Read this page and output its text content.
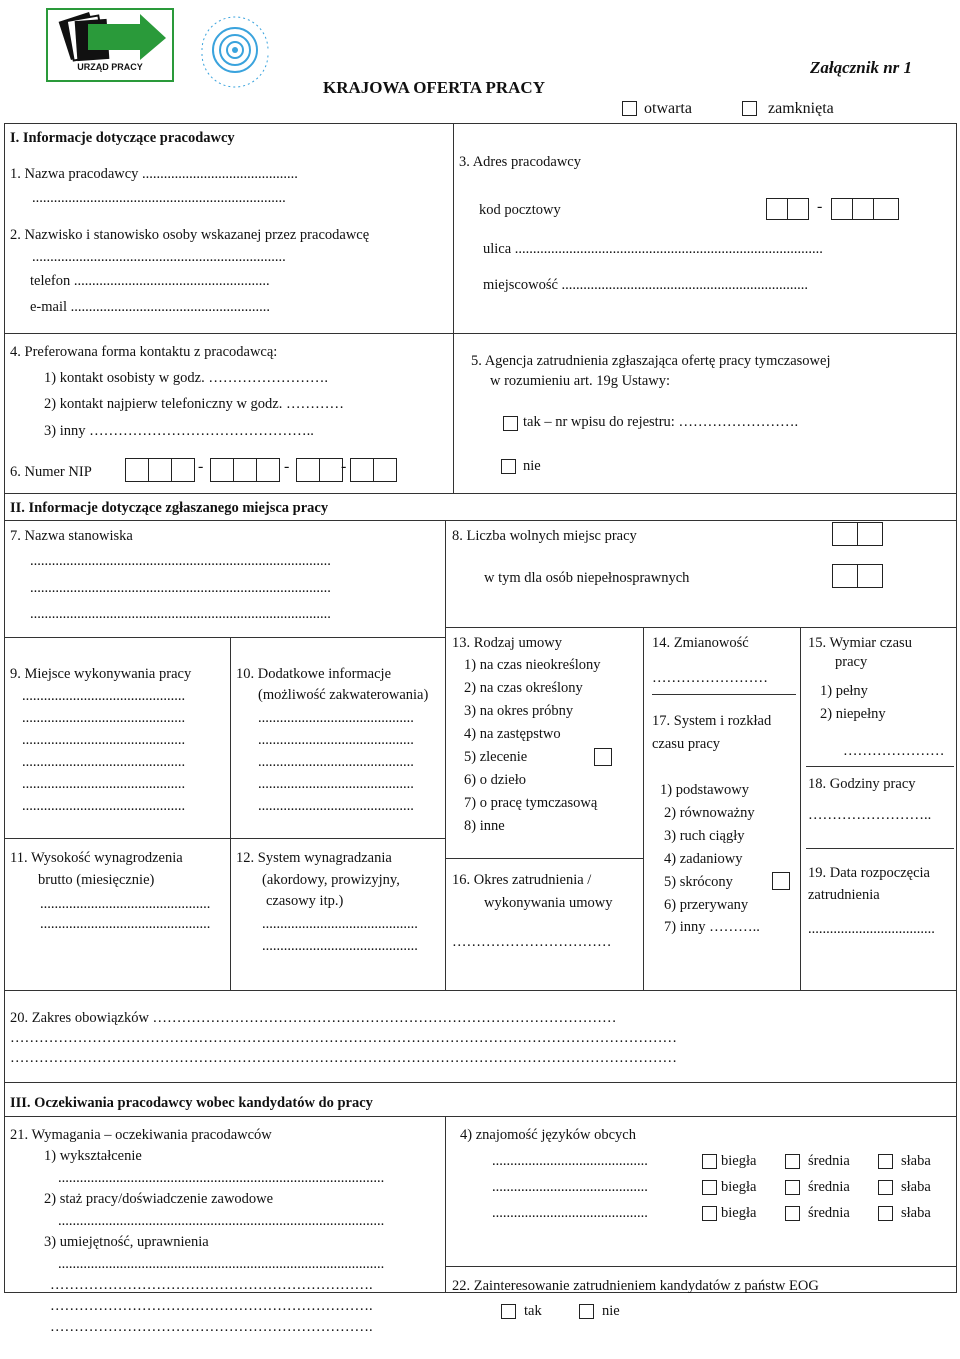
URZĄD PRACY
KRAJOWA OFERTA PRACY
Załącznik nr 1
otwarta	zamknięta
I. Informacje dotyczące pracodawcy
1. Nazwa pracodawcy ...........................................
......................................................................
2. Nazwisko i stanowisko osoby wskazanej przez pracodawcę
......................................................................
telefon ......................................................
e-mail .......................................................
3. Adres pracodawcy
kod pocztowy	-
ulica .....................................................................................
miejscowość ....................................................................
4. Preferowana forma kontaktu z pracodawcą:
1) kontakt osobisty w godz. …………………….
2) kontakt najpierw telefoniczny w godz. …………
3) inny ………………………………………..
5. Agencja zatrudnienia zgłaszająca ofertę pracy tymczasowej
w rozumieniu art. 19g Ustawy:
tak – nr wpisu do rejestru: …………………….
nie
6. Numer NIP	-	-	-
II. Informacje dotyczące zgłaszanego miejsca pracy
7. Nazwa stanowiska
...................................................................................
...................................................................................
...................................................................................
8. Liczba wolnych miejsc pracy
w tym dla osób niepełnosprawnych
9. Miejsce wykonywania pracy
.............................................
.............................................
.............................................
.............................................
.............................................
.............................................
10. Dodatkowe informacje
(możliwość zakwaterowania)
...........................................
...........................................
...........................................
...........................................
...........................................
11. Wysokość wynagrodzenia
brutto (miesięcznie)
...............................................
...............................................
12. System wynagradzania
(akordowy, prowizyjny,
czasowy itp.)
...........................................
...........................................
13. Rodzaj umowy
1) na czas nieokreślony
2) na czas określony
3) na okres próbny
4) na zastępstwo
5) zlecenie
6) o dzieło
7) o pracę tymczasową
8) inne
14. Zmianowość
……………………
15. Wymiar czasu
pracy
1) pełny
2) niepełny
…………………
16. Okres zatrudnienia /
wykonywania umowy
……………………………
17. System i rozkład
czasu pracy
1) podstawowy
2) równoważny
3) ruch ciągły
4) zadaniowy
5) skrócony
6) przerywany
7) inny ………..
18. Godziny pracy
……………………..
19. Data rozpoczęcia
zatrudnienia
...................................
20. Zakres obowiązków ……………………………………………………………………………………
…………………………………………………………………………………………………………………………
…………………………………………………………………………………………………………………………
III. Oczekiwania pracodawcy wobec kandydatów do pracy
21. Wymagania – oczekiwania pracodawców
1) wykształcenie
..........................................................................................
2) staż pracy/doświadczenie zawodowe
..........................................................................................
3) umiejętność, uprawnienia
..........................................................................................
………………………………………………………….
………………………………………………………….
………………………………………………………….
4) znajomość języków obcych
...........................................	biegła	średnia	słaba
...........................................	biegła	średnia	słaba
...........................................	biegła	średnia	słaba
22. Zainteresowanie zatrudnieniem kandydatów z państw EOG
tak	nie
